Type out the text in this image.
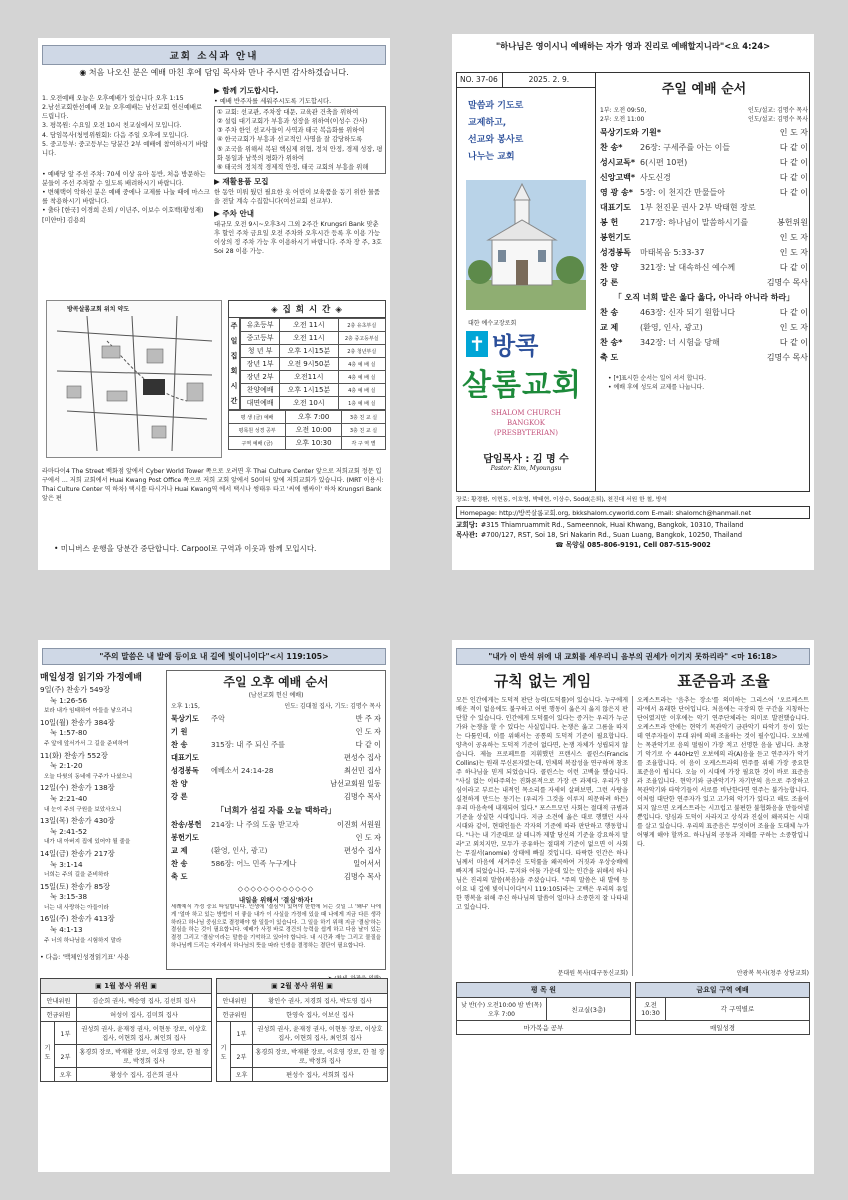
교회 소식과 안내
◉ 처음 나오신 분은 예배 마친 후에 담임 목사와 만나 주시면 감사하겠습니다.
1. 오전예배 오늘은 오후예배가 있습니다 오후 1:15
2.남선교회한선예배 오늘 오후예배는 남선교회 헌신예배로 드립니다.
3. 평목원: 수요일 오전 10시 친교실에서 모입니다.
4. 담임목사(청빙위원회): 다음 주일 오후에 모입니다.
5. 중고등부: 중고등부는 당분간 2부 예배에 참여하시기 바랍니다.
• 예배당 앞 주선 주차: 70세 이상 유아 동반, 처음 방문하는 분들이 주선 주차할 수 있도록 배려하시기 바랍니다.
• 변혜택이 악하신 분은 예배 중에나 교제를 나눌 때에 마스크를 착용하시기 바랍니다.
• 출타 [한국] 이경희 은퇴 / 이년주, 이보수 이호백(황성재) [미얀마] 김용희
▶ 함께 기도합시다.
• 예배 반주자를 세워주시도록 기도합시다.
① 교회: 선교관, 주차장 대문, 교육관 건축을 위하여
② 설립 대기교회가 부흥과 성장을 위하여(이성수 간사)
③ 주차 한인 선교사들이 사역과 태국 복음화를 위하여
④ 한국교회가 부흥과 선교적인 사명을 잘 감당하도록
⑤ 조국을 위해서 복된 핵심제 위협, 정치 안정, 경제 성장, 평화 통일과 남북의 평화가 위하여
⑥ 태국의 정치적 경제적 안정, 태국 교회의 부흥을 위해
▶ 재활용품 모집
한 동안 미뤄 뒀던 필요한 옷 어린이 보육품을 동기 위한 물품을 전달 계속 수집합니다(여선교회 선교부).
▶ 주차 안내
대규모 오전 9시~오후3시 그외 2주간 Krungsri Bank 맞춘 후 할인 주차 금요일 오전 주차와 오후시간 등록 후 이용 가능 이상의 정 주차 가능 후 이용하시기 바랍니다. 주차 장 주, 3호 Soi 28 이용 가능.
방콕살롬교회 위치 약도	◈ 집 회 시 간 ◈
주
일
집
회
시
간
유초등부	오전 11시	2층 유초부실
중고등부	오전 11시	2층 중고등부실
청 년 부	오후 1시15분	2층 청년부실
장년 1부	오전 9시50분	4층 예 배 실
장년 2부	오전11시	4층 예 배 실
찬양예배	오후 1시15분	4층 예 배 실
대면예배	오전 10시	1층 예 배 실
평 생 (금) 예배	오후 7:00	3층 친 교 실
평목원 성경 공부	오전 10:00	3층 친 교 실
구역 예배 (금)	오후 10:30	각 구 역 별
라마다이4 The Street 백화점 앞에서 Cyber World Tower 쪽으로 오려면 후 Thai Culture Center 앞으로 저희교회 정문 입구에서 ... 저희 교회에서 Huai Kwang Post Office 쪽으로 저희 교회 앞에서 50미터 앞에 저희교회가 있습니다. (MRT 이용시: Thai Culture Center 역 하차) 택시를 타시거나 Huai Kwang역 에서 택시나 썽태우 타고 '씨에 쌤싸이' 하차 Krungsri Bank 앞은 편
• 미니버스 운행을 당분간 중단합니다. Carpool로 구역과 이웃과 함께 모입시다.
"하나님은 영이시니 예배하는 자가 영과 진리로 예배할지니라"<요 4:24>
NO. 37-06	2025. 2. 9.
말씀과 기도로
교제하고,
선교와 봉사로
나누는 교회
대한 예수교장로회
✝ 방콕
살롬교회
SHALOM CHURCH
BANGKOK
(PRESBYTERIAN)
담임목사 : 김 명 수
Pastor: Kim, Myoungsu
주일 예배 순서
1부: 오전 09:50,	인도/설교: 김명수 목사
2부: 오전 11:00	인도/설교: 김명수 목사
묵상기도와 기원*	인 도 자
찬 송*	26장: 구세주를 아는 이들	다 같 이
성시교독* 6(시편 10편)	다 같 이
신앙고백* 사도신경	다 같 이
영 광 송* 5장: 이 천지간 만물들아	다 같 이
대표기도	1부 천진문 권사 2부 박태현 장로
봉 헌	217장: 하나님이 말씀하시기를	봉헌위원
봉헌기도	인 도 자
성경봉독	마태복음 5:33-37	인 도 자
찬 양	321장: 날 대속하신 예수께	다 같 이
강 론	김명수 목사
「 오직 너희 말은 옳다 옳다, 아니라 아니라 하라」
찬 송	463장: 신자 되기 원합니다	다 같 이
교 제	(환영, 인사, 광고)	인 도 자
찬 송*	342장: 너 시험을 당해	다 같 이
축 도	김명수 목사
• [*]표시한 순서는 일어 서서 합니다.
• 예배 후에 성도의 교제를 나눕니다.
장로: 황경환, 이현동, 이호영, 박태현, 이상수, Sodd(은퇴), 천진대 서원 한 철, 방석
Homepage: http://방콕살롬교회.org, bkkshalom.cyworld.com E-mail: shalomch@hanmail.net
교회당: #315 Thiamruammit Rd., Sameennok, Huai Khwang, Bangkok, 10310, Thailand
목사관: #700/127, RST, Soi 18, Sri Nakarin Rd., Suan Luang, Bangkok, 10250, Thailand
☎ 목양실 085-806-9191, Cell 087-515-9002
"주의 말씀은 내 발에 등이요 내 길에 빛이니이다"<시 119:105>
매일성경 읽기와 가정예배
9일(주) 찬송가 549장
눅 1:26-56
보라 내가 임태하여 아들을 낳으리니
10일(월) 찬송가 384장
눅 1:57-80
주 앞에 앞서가서 그 길을 준비하여
11(화) 찬송가 552장
눅 2:1-20
오늘 다윗의 동네에 구주가 나셨으니
12일(수) 찬송가 138장
눅 2:21-40
내 눈이 주의 구원을 보았사오니
13일(목) 찬송가 430장
눅 2:41-52
내가 내 아버지 집에 있어야 될 줄을
14일(금) 찬송가 217장
눅 3:1-14
너희는 주의 길을 준비하라
15일(토) 찬송가 85장
눅 3:15-38
너는 내 사랑하는 아들이라
16일(주) 찬송가 413장
눅 4:1-13
주 너의 하나님을 시험하지 말라
• 다음: '맥체인성경읽기표' 사용
주일 오후 예배 순서
(남선교회 헌신 예배)
오후 1:15,	인도: 김대철 집사, 기도: 김명수 목사
묵상기도	주악	반 주 자
기 원	인 도 자
찬 송	315장: 내 주 되신 주를	다 같 이
대표기도	편성수 집사
성경봉독	에베소서 24:14-28	최선민 집사
찬 양	남선교회원 일동
강 론	김명수 목사
「너희가 섬길 자를 오늘 택하라」
찬송/봉헌	214장: 나 주의 도움 받고자	이진희 서원원
봉헌기도	인 도 자
교 제	(환영, 인사, 광고)	편성수 집사
찬 송	586장: 어느 민족 누구게나	일어서서
축 도	김명수 목사
◇◇◇◇◇◇◇◇◇◇◇◇
내일을 위해서 '결심'하자!
세례예식 가정 중요 타일합니다. 인생에 '결심'이 있어야 한번에 되는 것일 그 '왜냐' 나에게 '얼마 하고 있는 방법이 더 좋을 내가 이 사실을 가정에 있을 때 나에게 지금 다른 생각하라고 하나님 중심으로 결정해야 할 일들이 있습니다. 그 일을 하기 위해 지금 '결심'하는 결심을 하는 것이 필요합니다. 예배가 사정 바로 경건의 능력을 쉽게 하고 다음 날이 있는 결정 그리고 '결심'이라는 말씀을 기억하고 있어야 합니다. 내 시간과 재능 그리고 물질을 하나님께 드리는 자리에서 하나님의 뜻을 따라 인생을 결정하는 결단이 필요합니다.
▣ 1월 봉사 위원 ▣		
안내위원		김순희 권사, 백승영 집사, 김선희 집사
헌금위원		허성이 집사, 김미희 집사
기 도	1부	권성희 권사, 윤재정 권사, 이현동 장로, 이상호 집사, 이현희 집사, 최인희 집사
	2부	홍경희 장로, 박재환 장로, 이호영 장로, 한 철 장로, 박정희 집사
	오후	황성수 집사, 김은희 권사
▣ 2월 봉사 위원 ▣		
안내위원		황인수 권사, 지경희 집사, 박도영 집사
헌금위원		한영숙 집사, 이보신 집사
기 도	1부	권성희 권사, 윤재정 권사, 이현동 장로, 이상호 집사, 이현희 집사, 최인희 집사
	2부	홍경희 장로, 박재환 장로, 이호영 장로, 한 철 장로, 박정희 집사
	오후	편성수 집사, 서희희 집사
"내가 이 반석 위에 내 교회를 세우리니 음부의 권세가 이기지 못하리라" <마 16:18>
규칙 없는 게임	표준음과 조율
모든 인간에게는 도덕적 판단 능력(도덕률)이 있습니다. 누구에게 배운 적이 없음에도 불구하고 어떤 행동이 옳은지 옳지 않은지 판단할 수 있습니다. 인간에게 도덕률이 있다는 증거는 우리가 누군가와 논쟁을 할 수 있다는 사실입니다. 논쟁은 옳고 그름을 따지는 다툼인데, 이를 위해서는 공통의 도덕적 기준이 필요합니다. 양측이 공유하는 도덕적 기준이 없다면, 논쟁 자체가 성립되지 않습니다. 제놀 프로페트를 지휘했던 프랜시스 콜린스(Francis Collins)는 원래 무신론자였는데, 인체의 복잡성을 연구하며 창조주 하나님을 믿게 되었습니다. 콜린스는 이런 고백을 했습니다. "사실 없는 이타주의는 진화론적으로 가장 큰 과제다. 우리가 양심이라고 부르는 내적인 목소리를 자세히 살펴보면, 그런 사랑을 실천하게 만드는 동기는 (우리가 그것을 이루지 의문하려 하든) 우리 마음속에 내재되어 있다." 포스트모던 사회는 절대적 규범과 기준을 상실한 시대입니다. 지금 소견에 옳은 대로 행했던 사사 시대와 같이, 현대인들은 각자의 기준에 따라 판단하고 행동합니다. "나는 내 기준대로 살 테니까 제발 당신의 기준을 강요하지 말라"고 외치지만, 모두가 공유하는 절대적 기준이 없으면 이 사회는 무질서(anomie) 상태에 빠질 것입니다. 타락한 인간은 하나님께서 마음에 새겨주신 도덕률을 왜곡하여 거짓과 우상숭배에 빠지게 되었습니다. 무지와 어둠 가운데 있는 인간을 위해서 하나님은 진리의 말씀(복음)을 주셨습니다. "주의 말씀은 내 발에 등이요 내 길에 빛이니이다"(시 119:105)라는 고백은 우리의 유일한 행복을 위해 주신 하나님의 말씀이 얼마나 소중한지 잘 나타내고 있습니다.
문대원 목사(대구동신교회)
오케스트라는 '음추는 장소'를 의미하는 그리스어 '오르케스트라'에서 유래한 단어입니다. 처음에는 극장의 한 구간을 지칭하는 단어였지만 이후에는 악기 연주단체라는 의미로 발전했습니다. 오케스트라 안에는 현악기 목관악기 금관악기 타악기 등이 있는데 연주자들이 무대 위에 의해 조율하는 것이 필수입니다. 오보에는 목관악기로 음의 떨림이 가장 적고 선명한 음을 냅니다. 초창기 악기로 수 440Hz인 오보에의 라(A)음을 듣고 연주자가 악기를 조율합니다. 이 음이 오케스트라의 연주를 위해 가장 중요한 표준음이 됩니다. 오늘 이 시대에 가장 필요한 것이 바로 표준음과 조율입니다. 현악기와 금관악기가 자기만의 음으로 주장하고 목관악기와 타악기들이 서로를 비난한다면 연주는 불가능합니다. 이처럼 대단한 연주자가 있고 고가의 악기가 있다고 해도 조율이 되지 않으면 오케스트라는 시끄럽고 불편한 불협화음을 만들어낼 뿐입니다. 양심과 도덕이 사라지고 상식과 진실이 왜곡되는 시대를 살고 있습니다. 우리의 표준음은 무엇이며 조율을 도대체 누가 어떻게 해야 할까요. 하나님의 공동과 지혜를 구하는 소중함입니다.
안광복 목사(청주 상당교회)
평 목 원
낮 반(수) 오전10:00 밤 반(목) 오후 7:00	친교실(3층)
마가복음 공부
금요일 구역 예배
오전 10:30	각 구역별로
매일성경
